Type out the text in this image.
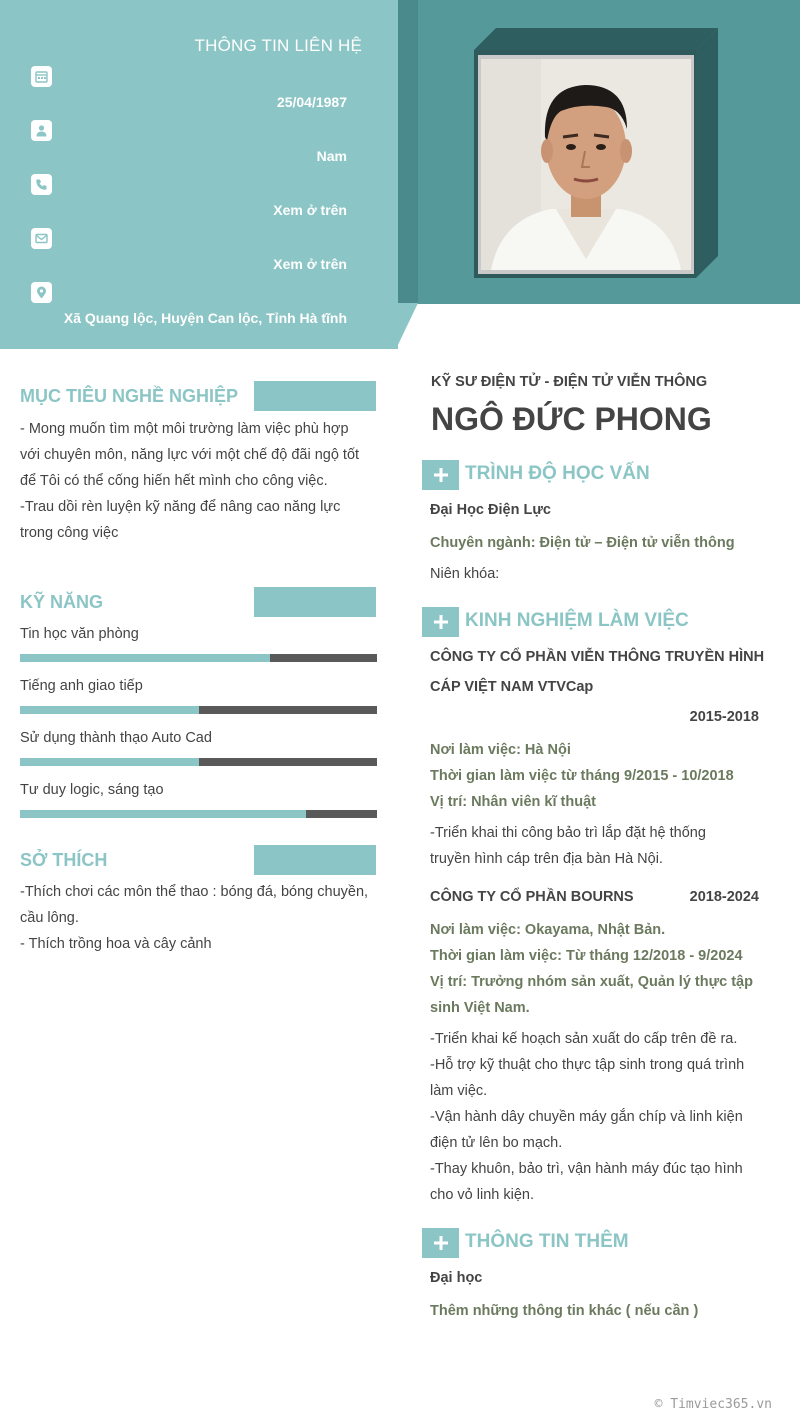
THÔNG TIN LIÊN HỆ
25/04/1987
Nam
Xem ở trên
Xem ở trên
Xã Quang lộc, Huyện Can lộc, Tỉnh Hà tĩnh
MỤC TIÊU NGHỀ NGHIỆP
- Mong muốn tìm một môi trường làm việc phù hợp
với chuyên môn, năng lực với một chế độ đãi ngộ tốt
để Tôi có thể cống hiến hết mình cho công việc.
-Trau dồi rèn luyện kỹ năng để nâng cao năng lực
trong công việc
KỸ NĂNG
Tin học văn phòng
Tiếng anh giao tiếp
Sử dụng thành thạo Auto Cad
Tư duy logic, sáng tạo
SỞ THÍCH
-Thích chơi các môn thể thao : bóng đá, bóng chuyền,
cầu lông.
- Thích trồng hoa và cây cảnh
KỸ SƯ ĐIỆN TỬ - ĐIỆN TỬ VIỄN THÔNG
NGÔ ĐỨC PHONG
TRÌNH ĐỘ HỌC VẤN
Đại Học Điện Lực
Chuyên ngành: Điện tử – Điện tử viễn thông
Niên khóa:
KINH NGHIỆM LÀM VIỆC
CÔNG TY CỔ PHẦN VIỄN THÔNG TRUYỀN HÌNH
CÁP VIỆT NAM VTVCap
2015-2018
Nơi làm việc: Hà Nội
Thời gian làm việc từ tháng 9/2015 - 10/2018
Vị trí: Nhân viên kĩ thuật
-Triển khai thi công bảo trì lắp đặt hệ thống
truyền hình cáp trên địa bàn Hà Nội.
CÔNG TY CỔ PHẦN BOURNS	2018-2024
Nơi làm việc: Okayama, Nhật Bản.
Thời gian làm việc: Từ tháng 12/2018 - 9/2024
Vị trí: Trưởng nhóm sản xuất, Quản lý thực tập
sinh Việt Nam.
-Triển khai kế hoạch sản xuất do cấp trên đề ra.
-Hỗ trợ kỹ thuật cho thực tập sinh trong quá trình
làm việc.
-Vận hành dây chuyền máy gắn chíp và linh kiện
điện tử lên bo mạch.
-Thay khuôn, bảo trì, vận hành máy đúc tạo hình
cho vỏ linh kiện.
THÔNG TIN THÊM
Đại học
Thêm những thông tin khác ( nếu cần )
© Timviec365.vn
